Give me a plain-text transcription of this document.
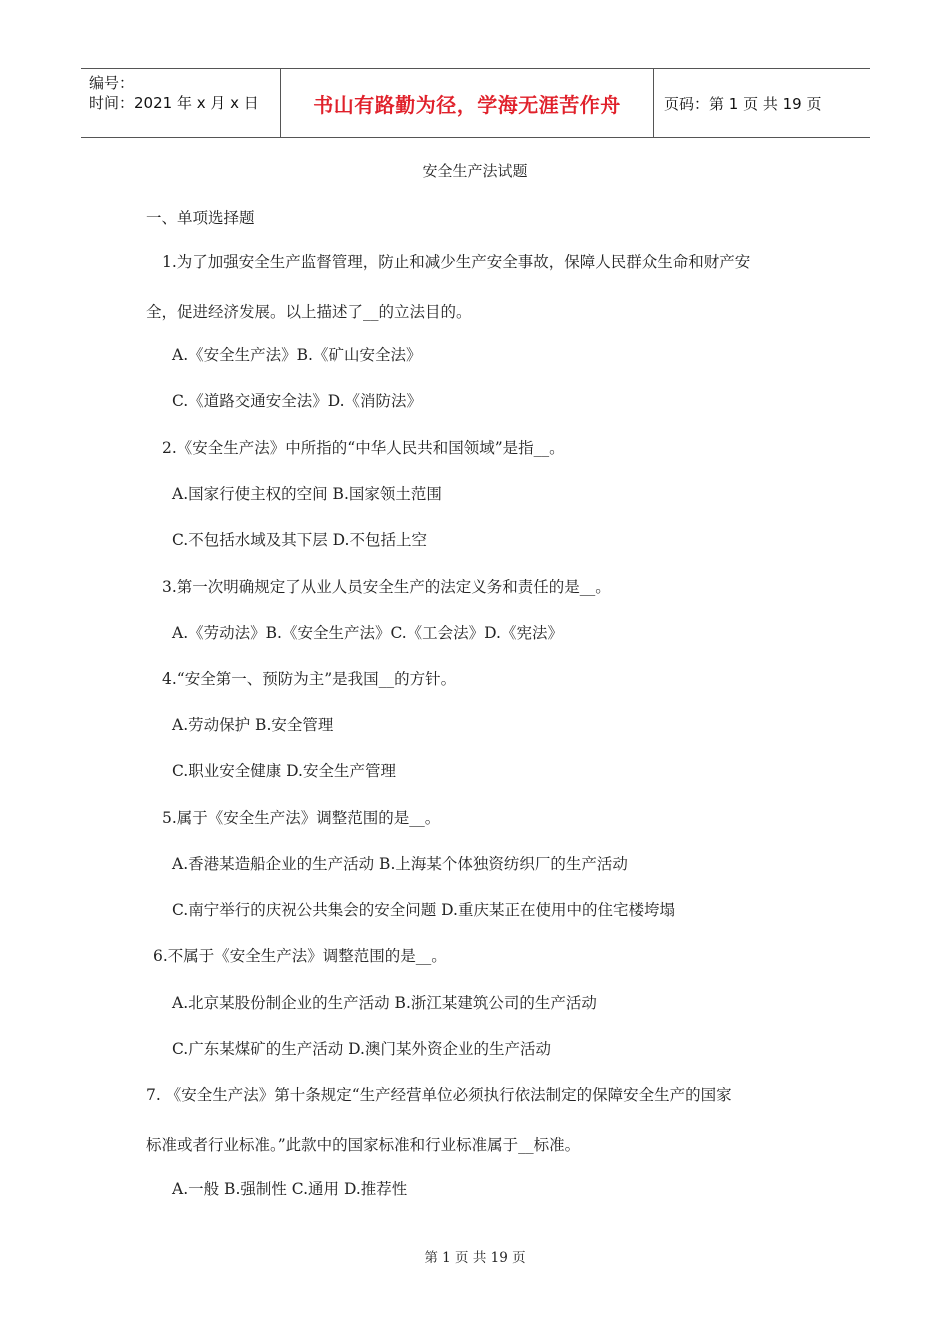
编号：
时间：2021 年 x 月 x 日	书山有路勤为径，学海无涯苦作舟	页码：第 1 页 共 19 页
安全生产法试题
一、单项选择题
1.为了加强安全生产监督管理，防止和减少生产安全事故，保障人民群众生命和财产安
全，促进经济发展。以上描述了__的立法目的。
A.《安全生产法》B.《矿山安全法》
C.《道路交通安全法》D.《消防法》
2.《安全生产法》中所指的“中华人民共和国领域”是指__。
A.国家行使主权的空间 B.国家领土范围
C.不包括水域及其下层 D.不包括上空
3.第一次明确规定了从业人员安全生产的法定义务和责任的是__。
A.《劳动法》B.《安全生产法》C.《工会法》D.《宪法》
4.“安全第一、预防为主”是我国__的方针。
A.劳动保护 B.安全管理
C.职业安全健康 D.安全生产管理
5.属于《安全生产法》调整范围的是__。
A.香港某造船企业的生产活动 B.上海某个体独资纺织厂的生产活动
C.南宁举行的庆祝公共集会的安全问题 D.重庆某正在使用中的住宅楼垮塌
6.不属于《安全生产法》调整范围的是__。
A.北京某股份制企业的生产活动 B.浙江某建筑公司的生产活动
C.广东某煤矿的生产活动 D.澳门某外资企业的生产活动
7. 《安全生产法》第十条规定“生产经营单位必须执行依法制定的保障安全生产的国家
标准或者行业标准。”此款中的国家标准和行业标准属于__标准。
A.一般 B.强制性 C.通用 D.推荐性
第 1 页 共 19 页
